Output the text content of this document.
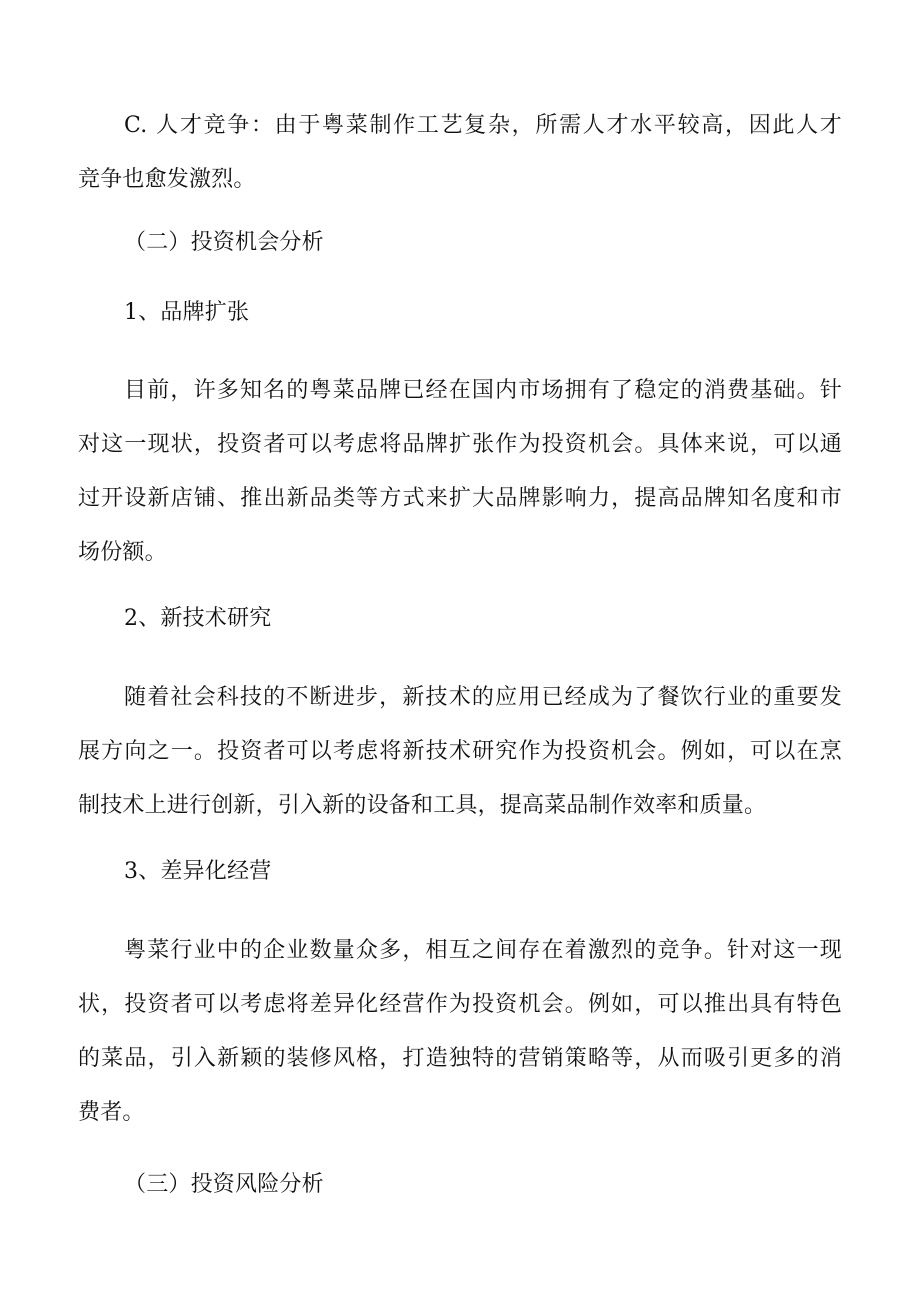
C. 人才竞争：由于粤菜制作工艺复杂，所需人才水平较高，因此人才
竞争也愈发激烈。
（二）投资机会分析
1、品牌扩张
目前，许多知名的粤菜品牌已经在国内市场拥有了稳定的消费基础。针
对这一现状，投资者可以考虑将品牌扩张作为投资机会。具体来说，可以通
过开设新店铺、推出新品类等方式来扩大品牌影响力，提高品牌知名度和市
场份额。
2、新技术研究
随着社会科技的不断进步，新技术的应用已经成为了餐饮行业的重要发
展方向之一。投资者可以考虑将新技术研究作为投资机会。例如，可以在烹
制技术上进行创新，引入新的设备和工具，提高菜品制作效率和质量。
3、差异化经营
粤菜行业中的企业数量众多，相互之间存在着激烈的竞争。针对这一现
状，投资者可以考虑将差异化经营作为投资机会。例如，可以推出具有特色
的菜品，引入新颖的装修风格，打造独特的营销策略等，从而吸引更多的消
费者。
（三）投资风险分析
